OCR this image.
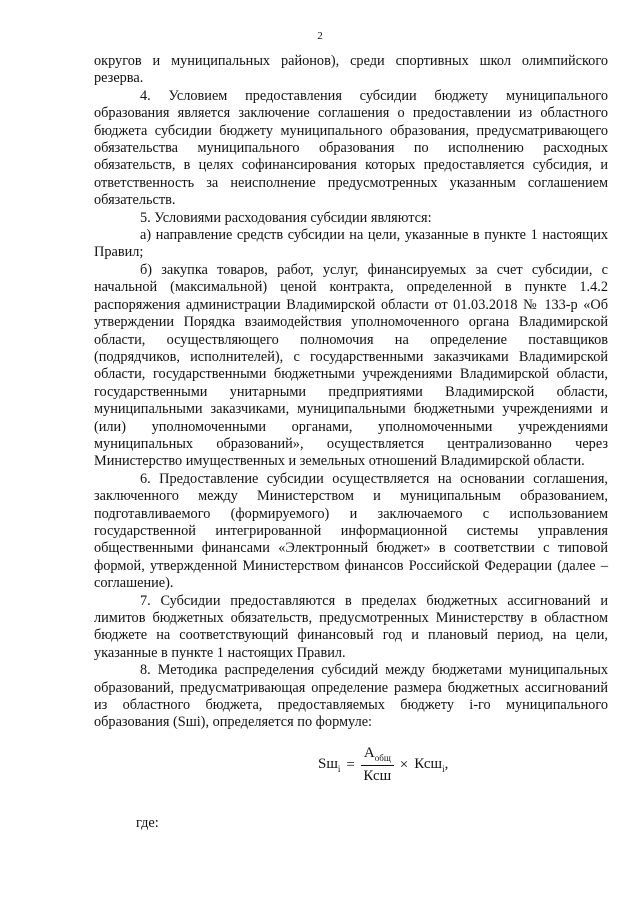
2

округов и муниципальных районов), среди спортивных школ олимпийского резерва.

4. Условием предоставления субсидии бюджету муниципального образования является заключение соглашения о предоставлении из областного бюджета субсидии бюджету муниципального образования, предусматривающего обязательства муниципального образования по исполнению расходных обязательств, в целях софинансирования которых предоставляется субсидия, и ответственность за неисполнение предусмотренных указанным соглашением обязательств.

5. Условиями расходования субсидии являются:

а) направление средств субсидии на цели, указанные в пункте 1 настоящих Правил;

б) закупка товаров, работ, услуг, финансируемых за счет субсидии, с начальной (максимальной) ценой контракта, определенной в пункте 1.4.2 распоряжения администрации Владимирской области от 01.03.2018 № 133-р «Об утверждении Порядка взаимодействия уполномоченного органа Владимирской области, осуществляющего полномочия на определение поставщиков (подрядчиков, исполнителей), с государственными заказчиками Владимирской области, государственными бюджетными учреждениями Владимирской области, государственными унитарными предприятиями Владимирской области, муниципальными заказчиками, муниципальными бюджетными учреждениями и (или) уполномоченными органами, уполномоченными учреждениями муниципальных образований», осуществляется централизованно через Министерство имущественных и земельных отношений Владимирской области.

6. Предоставление субсидии осуществляется на основании соглашения, заключенного между Министерством и муниципальным образованием, подготавливаемого (формируемого) и заключаемого с использованием государственной интегрированной информационной системы управления общественными финансами «Электронный бюджет» в соответствии с типовой формой, утвержденной Министерством финансов Российской Федерации (далее – соглашение).

7. Субсидии предоставляются в пределах бюджетных ассигнований и лимитов бюджетных обязательств, предусмотренных Министерству в областном бюджете на соответствующий финансовый год и плановый период, на цели, указанные в пункте 1 настоящих Правил.

8. Методика распределения субсидий между бюджетами муниципальных образований, предусматривающая определение размера бюджетных ассигнований из областного бюджета, предоставляемых бюджету i-го муниципального образования (Sшi), определяется по формуле:

$Sш_i = \frac{A_{общ}}{\text{Ксш}} \times Ксш_i$,
где:
